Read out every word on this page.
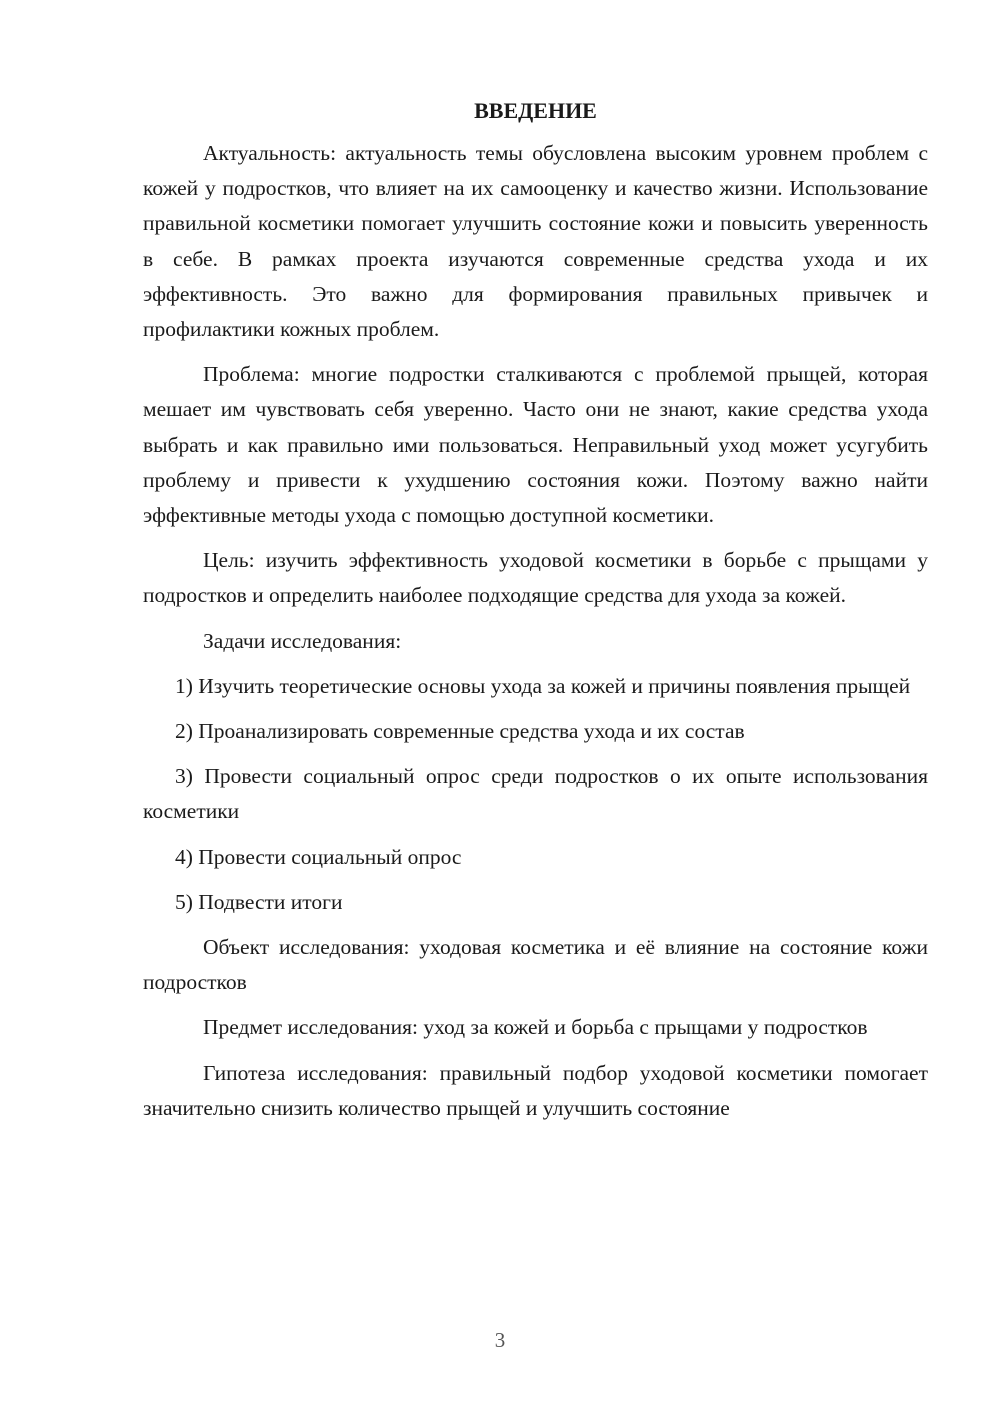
ВВЕДЕНИЕ

Актуальность: актуальность темы обусловлена высоким уровнем проблем с кожей у подростков, что влияет на их самооценку и качество жизни. Использование правильной косметики помогает улучшить состояние кожи и повысить уверенность в себе. В рамках проекта изучаются современные средства ухода и их эффективность. Это важно для формирования правильных привычек и профилактики кожных проблем.

Проблема: многие подростки сталкиваются с проблемой прыщей, которая мешает им чувствовать себя уверенно. Часто они не знают, какие средства ухода выбрать и как правильно ими пользоваться. Неправильный уход может усугубить проблему и привести к ухудшению состояния кожи. Поэтому важно найти эффективные методы ухода с помощью доступной косметики.

Цель: изучить эффективность уходовой косметики в борьбе с прыщами у подростков и определить наиболее подходящие средства для ухода за кожей.

Задачи исследования:

1) Изучить теоретические основы ухода за кожей и причины появления прыщей

2) Проанализировать современные средства ухода и их состав

3) Провести социальный опрос среди подростков о их опыте использования косметики

4) Провести социальный опрос

5) Подвести итоги

Объект исследования: уходовая косметика и её влияние на состояние кожи подростков

Предмет исследования: уход за кожей и борьба с прыщами у подростков

Гипотеза исследования: правильный подбор уходовой косметики помогает значительно снизить количество прыщей и улучшить состояние

3
